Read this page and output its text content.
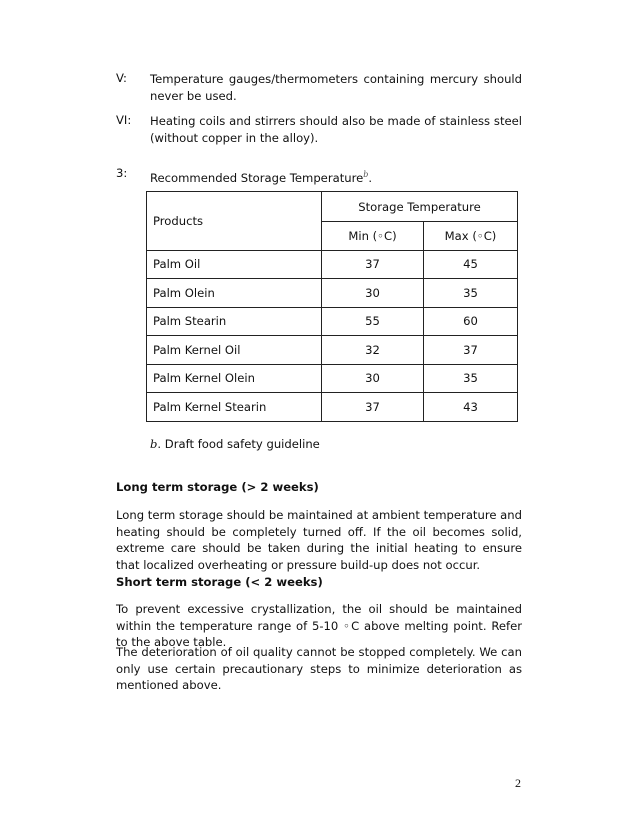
V: Temperature gauges/thermometers containing mercury should never be used.
VI: Heating coils and stirrers should also be made of stainless steel (without copper in the alloy).
3: Recommended Storage Temperature$^b$.
Products	Storage Temperature	
	Min (◦C)	Max (◦C)
Palm Oil	37	45
Palm Olein	30	35
Palm Stearin	55	60
Palm Kernel Oil	32	37
Palm Kernel Olein	30	35
Palm Kernel Stearin	37	43
b. Draft food safety guideline
Long term storage (> 2 weeks)
Long term storage should be maintained at ambient temperature and heating should be completely turned off. If the oil becomes solid, extreme care should be taken during the initial heating to ensure that localized overheating or pressure build-up does not occur.
Short term storage (< 2 weeks)
To prevent excessive crystallization, the oil should be maintained within the temperature range of 5-10 ◦C above melting point. Refer to the above table.
The deterioration of oil quality cannot be stopped completely. We can only use certain precautionary steps to minimize deterioration as mentioned above.
2
